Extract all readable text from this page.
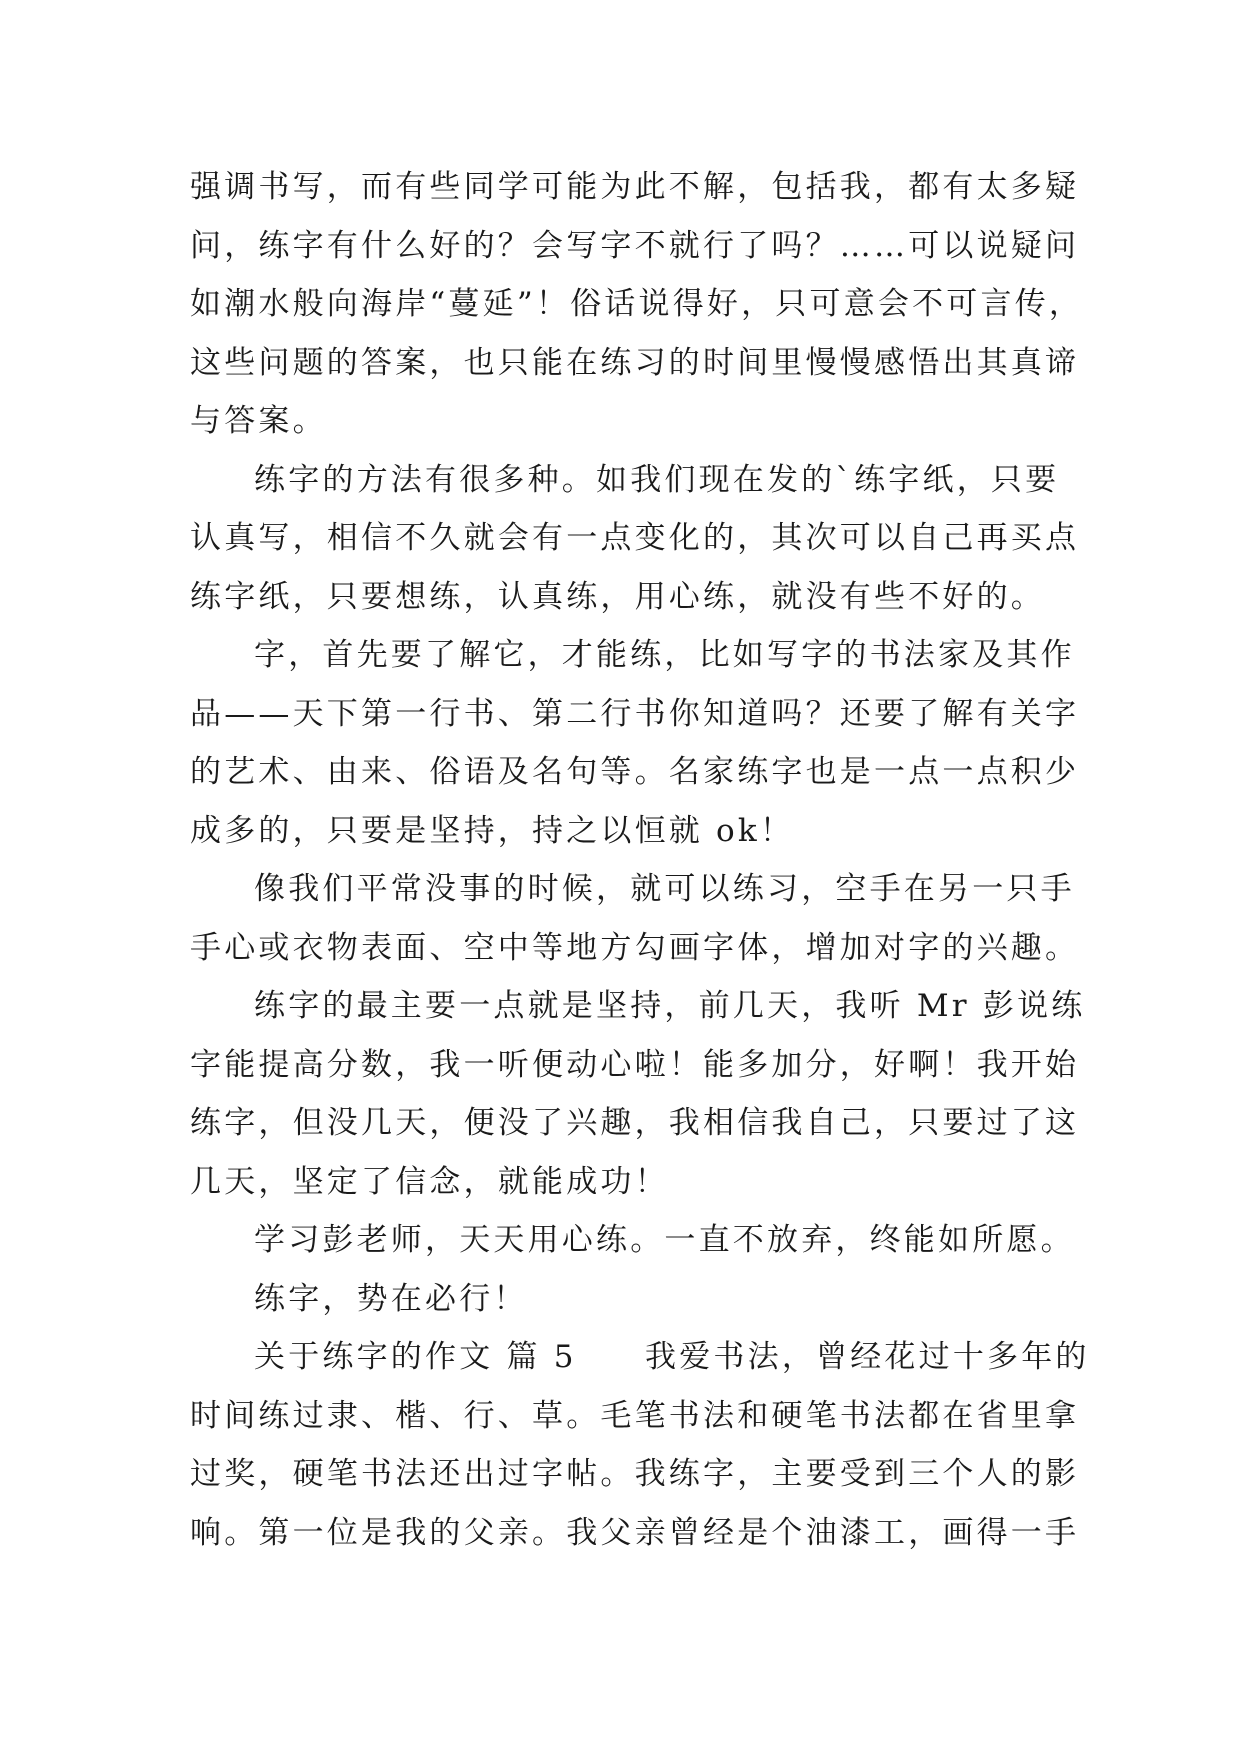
强调书写，而有些同学可能为此不解，包括我，都有太多疑
问，练字有什么好的？会写字不就行了吗？……可以说疑问
如潮水般向海岸“蔓延”！俗话说得好，只可意会不可言传，
这些问题的答案，也只能在练习的时间里慢慢感悟出其真谛
与答案。
练字的方法有很多种。如我们现在发的`练字纸，只要
认真写，相信不久就会有一点变化的，其次可以自己再买点
练字纸，只要想练，认真练，用心练，就没有些不好的。
字，首先要了解它，才能练，比如写字的书法家及其作
品——天下第一行书、第二行书你知道吗？还要了解有关字
的艺术、由来、俗语及名句等。名家练字也是一点一点积少
成多的，只要是坚持，持之以恒就 ok！
像我们平常没事的时候，就可以练习，空手在另一只手
手心或衣物表面、空中等地方勾画字体，增加对字的兴趣。
练字的最主要一点就是坚持，前几天，我听 Mr 彭说练
字能提高分数，我一听便动心啦！能多加分，好啊！我开始
练字，但没几天，便没了兴趣，我相信我自己，只要过了这
几天，坚定了信念，就能成功！
学习彭老师，天天用心练。一直不放弃，终能如所愿。
练字，势在必行！
关于练字的作文 篇 5　　我爱书法，曾经花过十多年的
时间练过隶、楷、行、草。毛笔书法和硬笔书法都在省里拿
过奖，硬笔书法还出过字帖。我练字，主要受到三个人的影
响。第一位是我的父亲。我父亲曾经是个油漆工，画得一手
